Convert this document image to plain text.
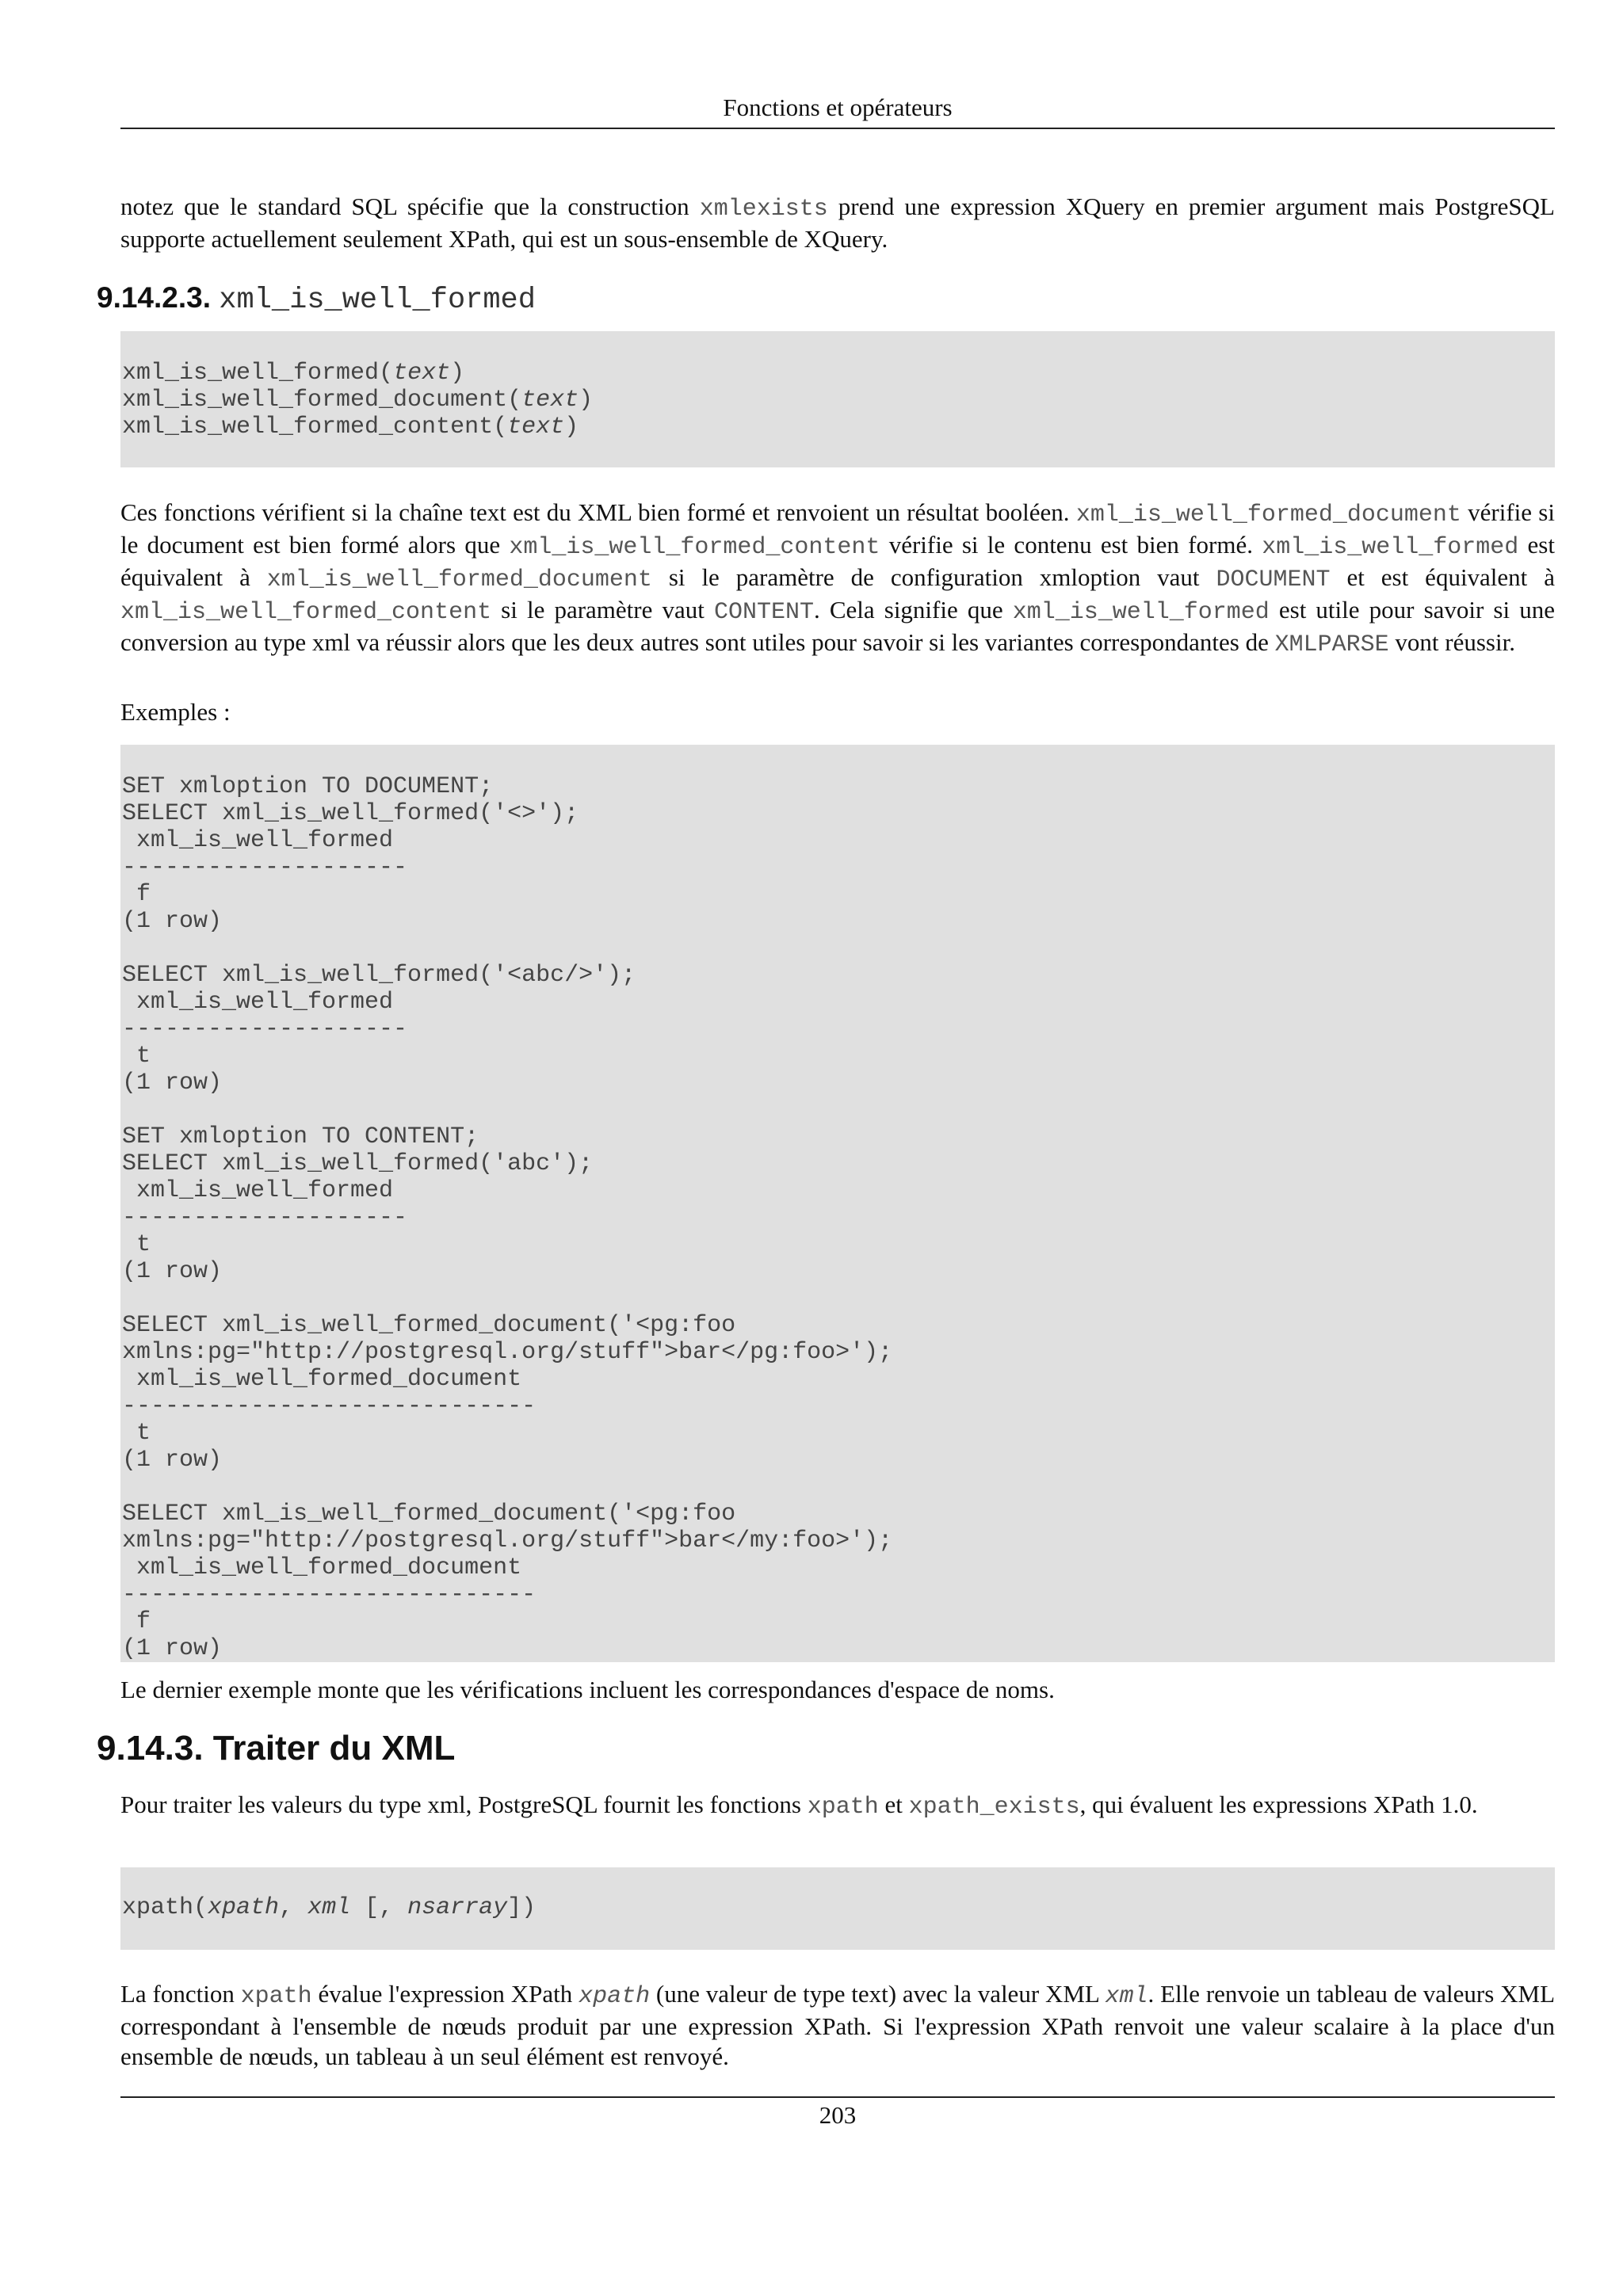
Fonctions et opérateurs

notez que le standard SQL spécifie que la construction xmlexists prend une expression XQuery en premier argument mais PostgreSQL supporte actuellement seulement XPath, qui est un sous-ensemble de XQuery.

9.14.2.3. xml_is_well_formed
xml_is_well_formed(text)
xml_is_well_formed_document(text)
xml_is_well_formed_content(text)

Ces fonctions vérifient si la chaîne text est du XML bien formé et renvoient un résultat booléen. xml_is_well_formed_document vérifie si le document est bien formé alors que xml_is_well_formed_content vérifie si le contenu est bien formé. xml_is_well_formed est équivalent à xml_is_well_formed_document si le paramètre de configuration xmloption vaut DOCUMENT et est équivalent à xml_is_well_formed_content si le paramètre vaut CONTENT. Cela signifie que xml_is_well_formed est utile pour savoir si une conversion au type xml va réussir alors que les deux autres sont utiles pour savoir si les variantes correspondantes de XMLPARSE vont réussir.

Exemples :

SET xmloption TO DOCUMENT;
SELECT xml_is_well_formed('<>');
xml_is_well_formed
--------------------
f
(1 row)

SELECT xml_is_well_formed('<abc/>');
xml_is_well_formed
--------------------
t
(1 row)

SET xmloption TO CONTENT;
SELECT xml_is_well_formed('abc');
xml_is_well_formed
--------------------
t
(1 row)

SELECT xml_is_well_formed_document('<pg:foo
xmlns:pg="http://postgresql.org/stuff">bar</pg:foo>');
xml_is_well_formed_document
-----------------------------
t
(1 row)

SELECT xml_is_well_formed_document('<pg:foo
xmlns:pg="http://postgresql.org/stuff">bar</my:foo>');
xml_is_well_formed_document
-----------------------------
f
(1 row)

Le dernier exemple monte que les vérifications incluent les correspondances d'espace de noms.

9.14.3. Traiter du XML

Pour traiter les valeurs du type xml, PostgreSQL fournit les fonctions xpath et xpath_exists, qui évaluent les expressions XPath 1.0.

xpath(xpath, xml [, nsarray])

La fonction xpath évalue l'expression XPath xpath (une valeur de type text) avec la valeur XML xml. Elle renvoie un tableau de valeurs XML correspondant à l'ensemble de nœuds produit par une expression XPath. Si l'expression XPath renvoit une valeur scalaire à la place d'un ensemble de nœuds, un tableau à un seul élément est renvoyé.

203
